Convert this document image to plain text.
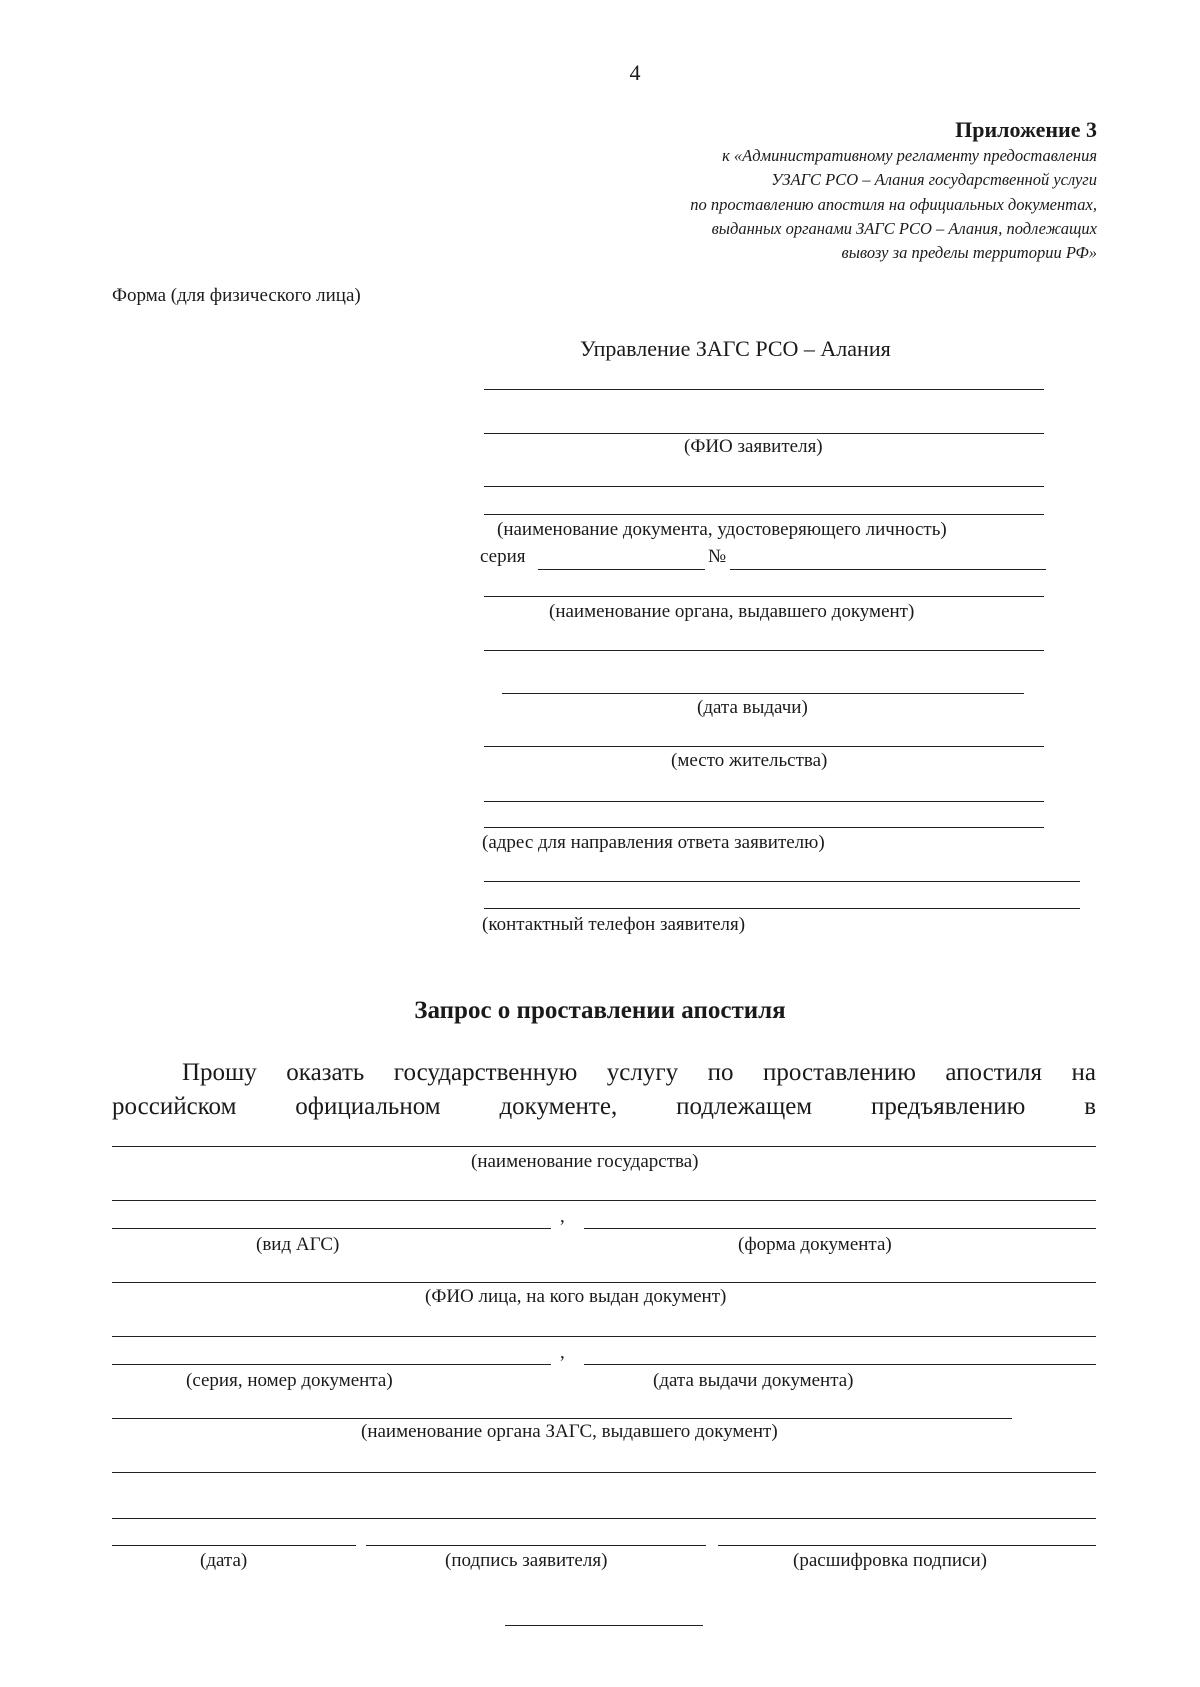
4
Приложение 3
к «Административному регламенту предоставления
УЗАГС РСО – Алания государственной услуги
по проставлению апостиля на официальных документах,
выданных органами ЗАГС РСО – Алания, подлежащих
вывозу за пределы территории РФ»
Форма (для физического лица)
Управление ЗАГС РСО – Алания
(ФИО заявителя)
(наименование документа, удостоверяющего личность)
серия	№
(наименование органа, выдавшего документ)
(дата выдачи)
(место жительства)
(адрес для направления ответа заявителю)
(контактный телефон заявителя)
Запрос о проставлении апостиля
Прошу оказать государственную услугу по проставлению апостиля на
российском официальном документе, подлежащем предъявлению в
(наименование государства)
,
(вид АГС)	(форма документа)
(ФИО лица, на кого выдан документ)
,
(серия, номер документа)	(дата выдачи документа)
(наименование органа ЗАГС, выдавшего документ)
(дата)	(подпись заявителя)	(расшифровка подписи)
